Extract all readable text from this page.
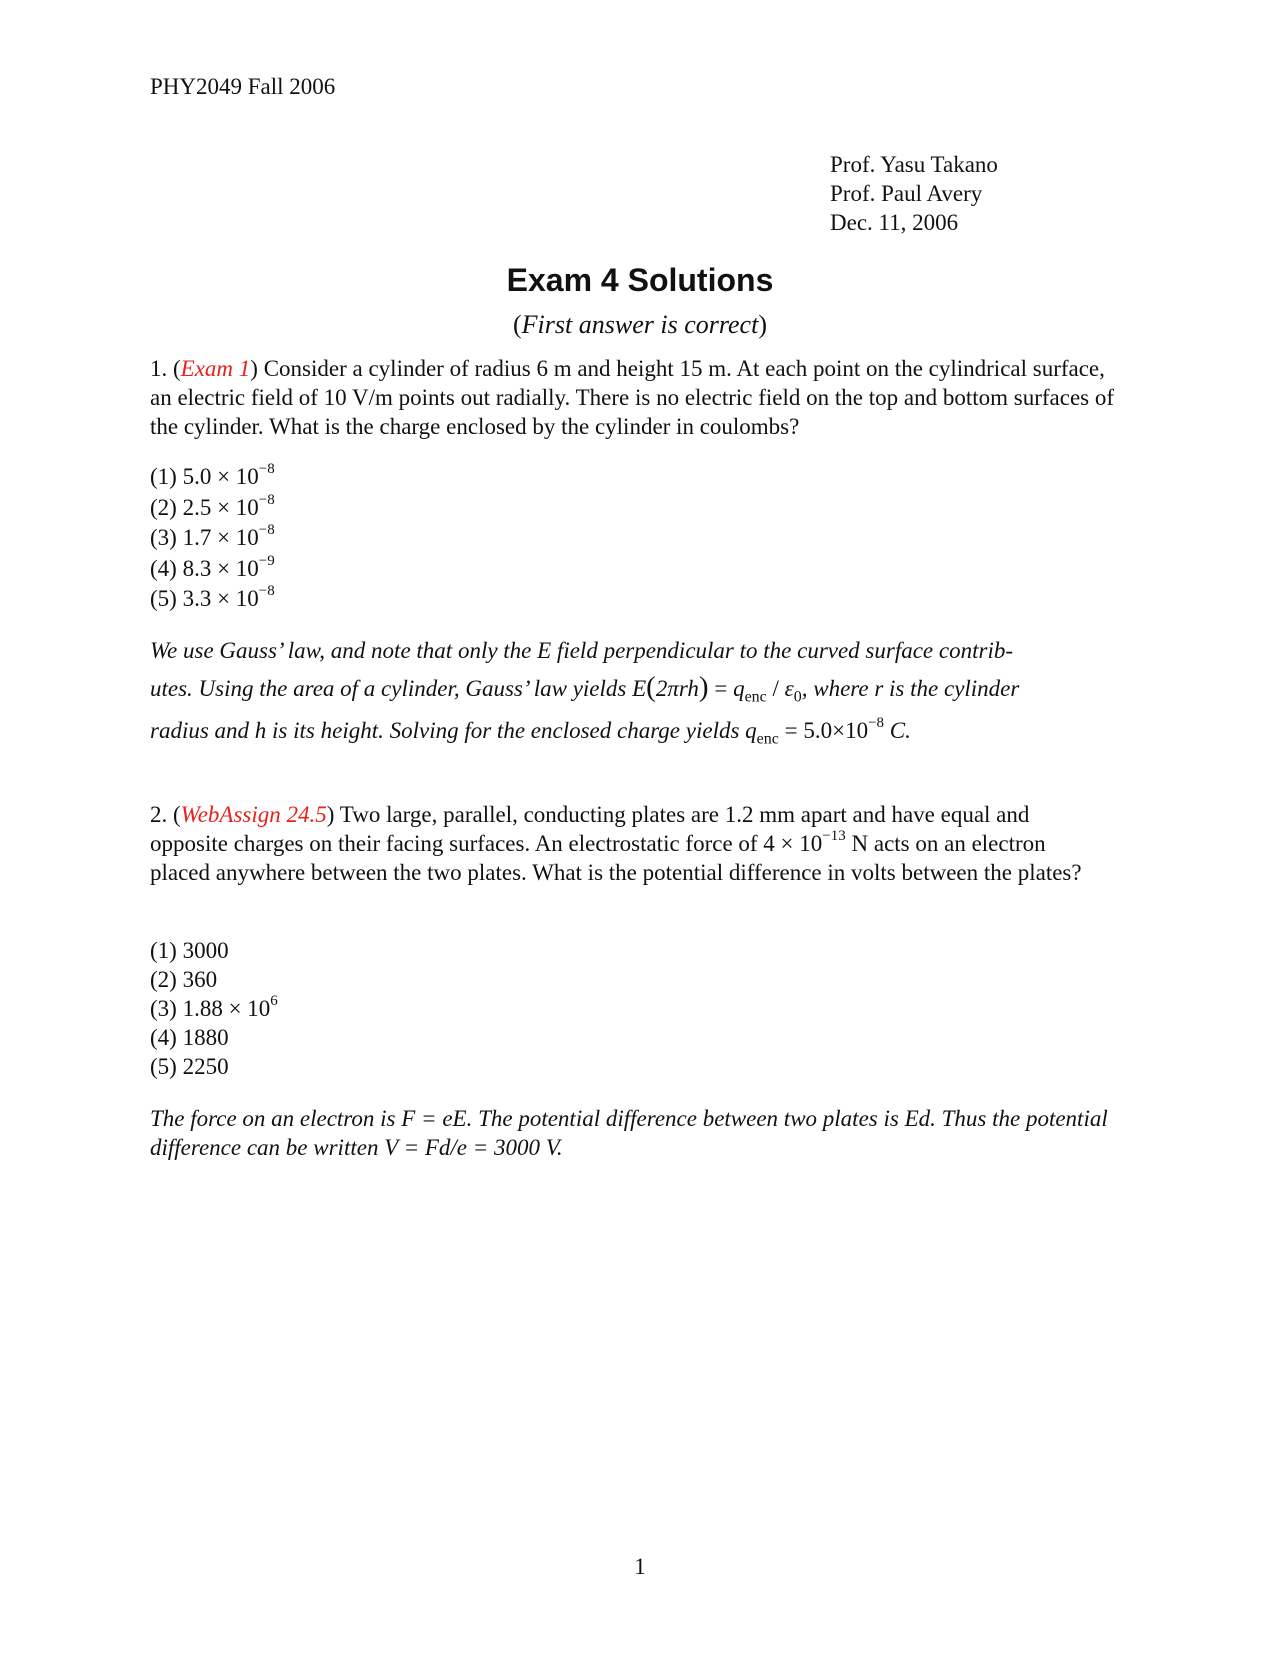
PHY2049 Fall 2006
Prof. Yasu Takano
Prof. Paul Avery
Dec. 11, 2006
Exam 4 Solutions
(First answer is correct)
1. (Exam 1) Consider a cylinder of radius 6 m and height 15 m. At each point on the cylindrical surface, an electric field of 10 V/m points out radially. There is no electric field on the top and bottom surfaces of the cylinder. What is the charge enclosed by the cylinder in coulombs?
(1) $5.0 \times 10^{-8}$
(2) $2.5 \times 10^{-8}$
(3) $1.7 \times 10^{-8}$
(4) $8.3 \times 10^{-9}$
(5) $3.3 \times 10^{-8}$
We use Gauss’ law, and note that only the E field perpendicular to the curved surface contrib-
utes. Using the area of a cylinder, Gauss’ law yields $E(2\pi rh) = q_{enc} / \varepsilon_0$, where r is the cylinder
radius and h is its height. Solving for the enclosed charge yields $q_{enc} = 5.0\times 10^{-8}$ C.
2. (WebAssign 24.5) Two large, parallel, conducting plates are 1.2 mm apart and have equal and opposite charges on their facing surfaces. An electrostatic force of $4 \times 10^{-13}$ N acts on an electron placed anywhere between the two plates. What is the potential difference in volts between the plates?
(1) 3000
(2) 360
(3) $1.88 \times 10^6$
(4) 1880
(5) 2250
The force on an electron is F = eE. The potential difference between two plates is Ed. Thus the potential difference can be written V = Fd/e = 3000 V.
1
